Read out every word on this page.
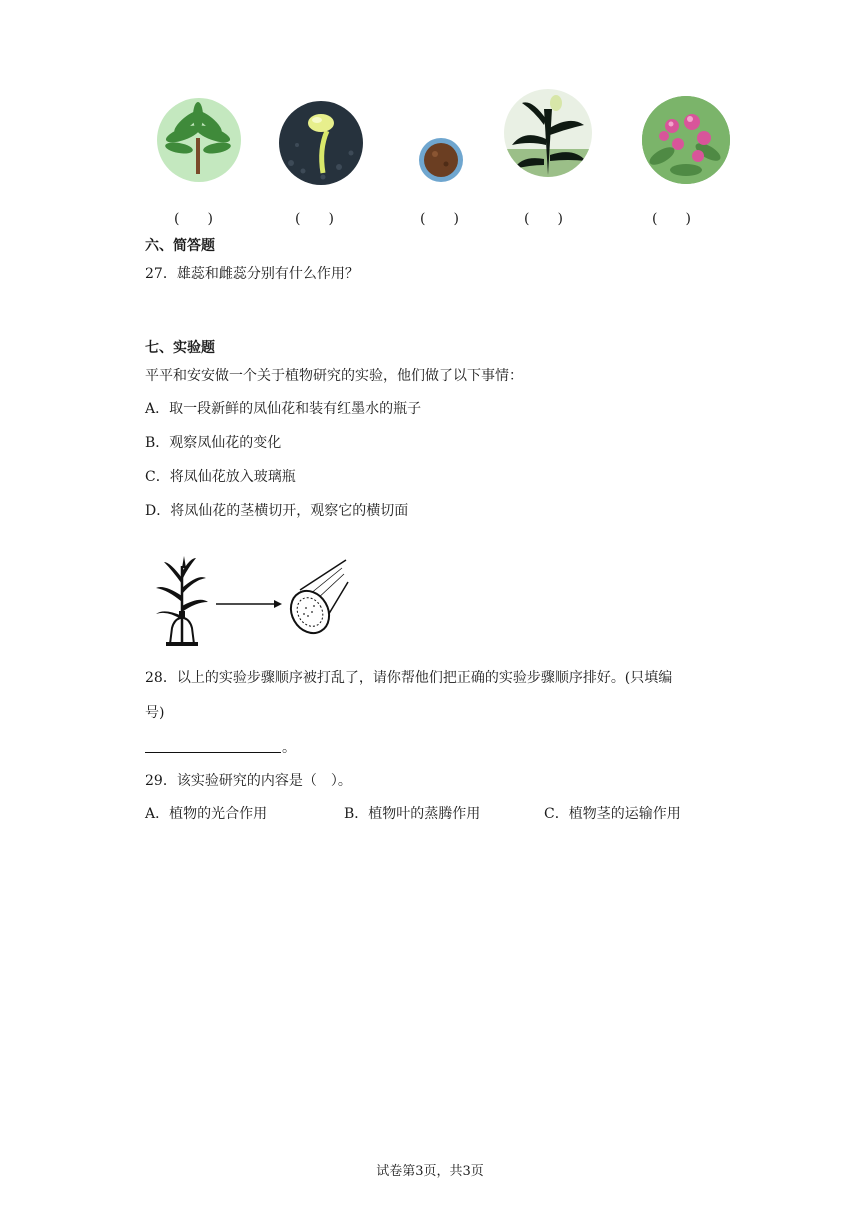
(　　)	(　　)	(　　)	(　　)	(　　)
六、简答题
27．雄蕊和雌蕊分别有什么作用？
七、实验题
平平和安安做一个关于植物研究的实验，他们做了以下事情：
A．取一段新鲜的凤仙花和装有红墨水的瓶子
B．观察凤仙花的变化
C．将凤仙花放入玻璃瓶
D．将凤仙花的茎横切开，观察它的横切面
28．以上的实验步骤顺序被打乱了，请你帮他们把正确的实验步骤顺序排好。(只填编
号)
。
29．该实验研究的内容是（　）。
A．植物的光合作用	B．植物叶的蒸腾作用	C．植物茎的运输作用
试卷第3页，共3页
